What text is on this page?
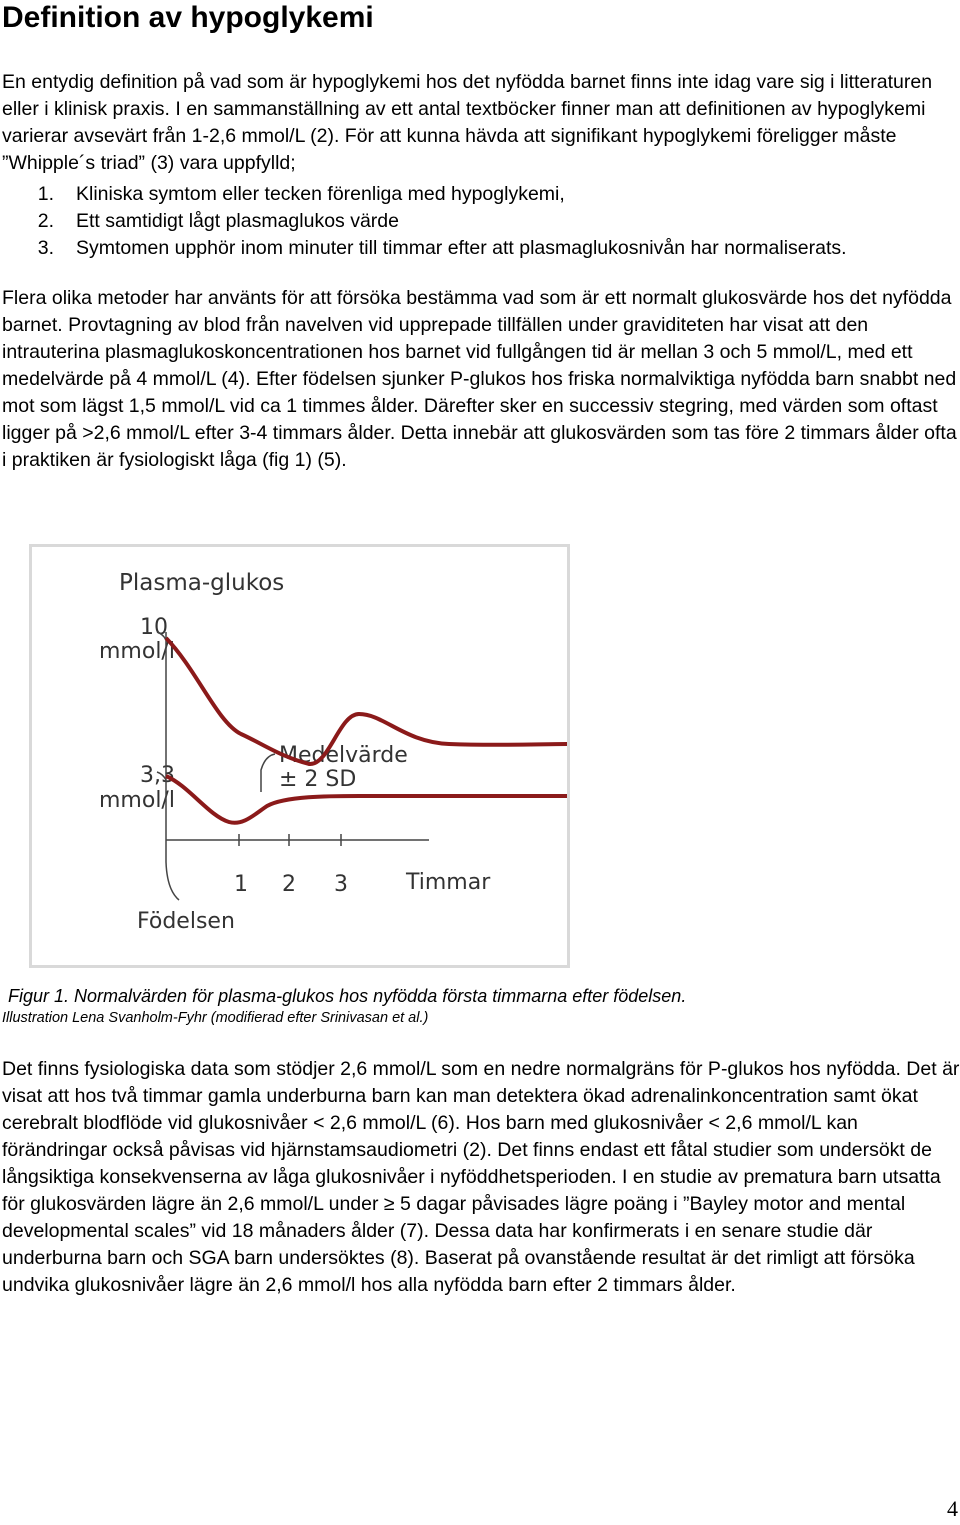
Definition av hypoglykemi

En entydig definition på vad som är hypoglykemi hos det nyfödda barnet finns inte idag vare sig i litteraturen eller i klinisk praxis. I en sammanställning av ett antal textböcker finner man att definitionen av hypoglykemi varierar avsevärt från 1-2,6 mmol/L (2). För att kunna hävda att signifikant hypoglykemi föreligger måste ”Whipple´s triad” (3) vara uppfylld;

1. Kliniska symtom eller tecken förenliga med hypoglykemi,
2. Ett samtidigt lågt plasmaglukos värde
3. Symtomen upphör inom minuter till timmar efter att plasmaglukosnivån har normaliserats.

Flera olika metoder har använts för att försöka bestämma vad som är ett normalt glukosvärde hos det nyfödda barnet. Provtagning av blod från navelven vid upprepade tillfällen under graviditeten har visat att den intrauterina plasmaglukoskoncentrationen hos barnet vid fullgången tid är mellan 3 och 5 mmol/L, med ett medelvärde på 4 mmol/L (4). Efter födelsen sjunker P-glukos hos friska normalviktiga nyfödda barn snabbt ned mot som lägst 1,5 mmol/L vid ca 1 timmes ålder. Därefter sker en successiv stegring, med värden som oftast ligger på >2,6 mmol/L efter 3-4 timmars ålder. Detta innebär att glukosvärden som tas före 2 timmars ålder ofta i praktiken är fysiologiskt låga (fig 1) (5).

Plasma-glukos
10
mmol/l
3,3
mmol/l
1 2 3	Timmar
Födelsen
Medelvärde
± 2 SD
Figur 1. Normalvärden för plasma-glukos hos nyfödda första timmarna efter födelsen.
Illustration Lena Svanholm-Fyhr (modifierad efter Srinivasan et al.)

Det finns fysiologiska data som stödjer 2,6 mmol/L som en nedre normalgräns för P-glukos hos nyfödda. Det är visat att hos två timmar gamla underburna barn kan man detektera ökad adrenalinkoncentration samt ökat cerebralt blodflöde vid glukosnivåer < 2,6 mmol/L (6). Hos barn med glukosnivåer < 2,6 mmol/L kan förändringar också påvisas vid hjärnstamsaudiometri (2). Det finns endast ett fåtal studier som undersökt de långsiktiga konsekvenserna av låga glukosnivåer i nyföddhetsperioden. I en studie av prematura barn utsatta för glukosvärden lägre än 2,6 mmol/L under ≥ 5 dagar påvisades lägre poäng i ”Bayley motor and mental developmental scales” vid 18 månaders ålder (7). Dessa data har konfirmerats i en senare studie där underburna barn och SGA barn undersöktes (8). Baserat på ovanstående resultat är det rimligt att försöka undvika glukosnivåer lägre än 2,6 mmol/l hos alla nyfödda barn efter 2 timmars ålder.

4
